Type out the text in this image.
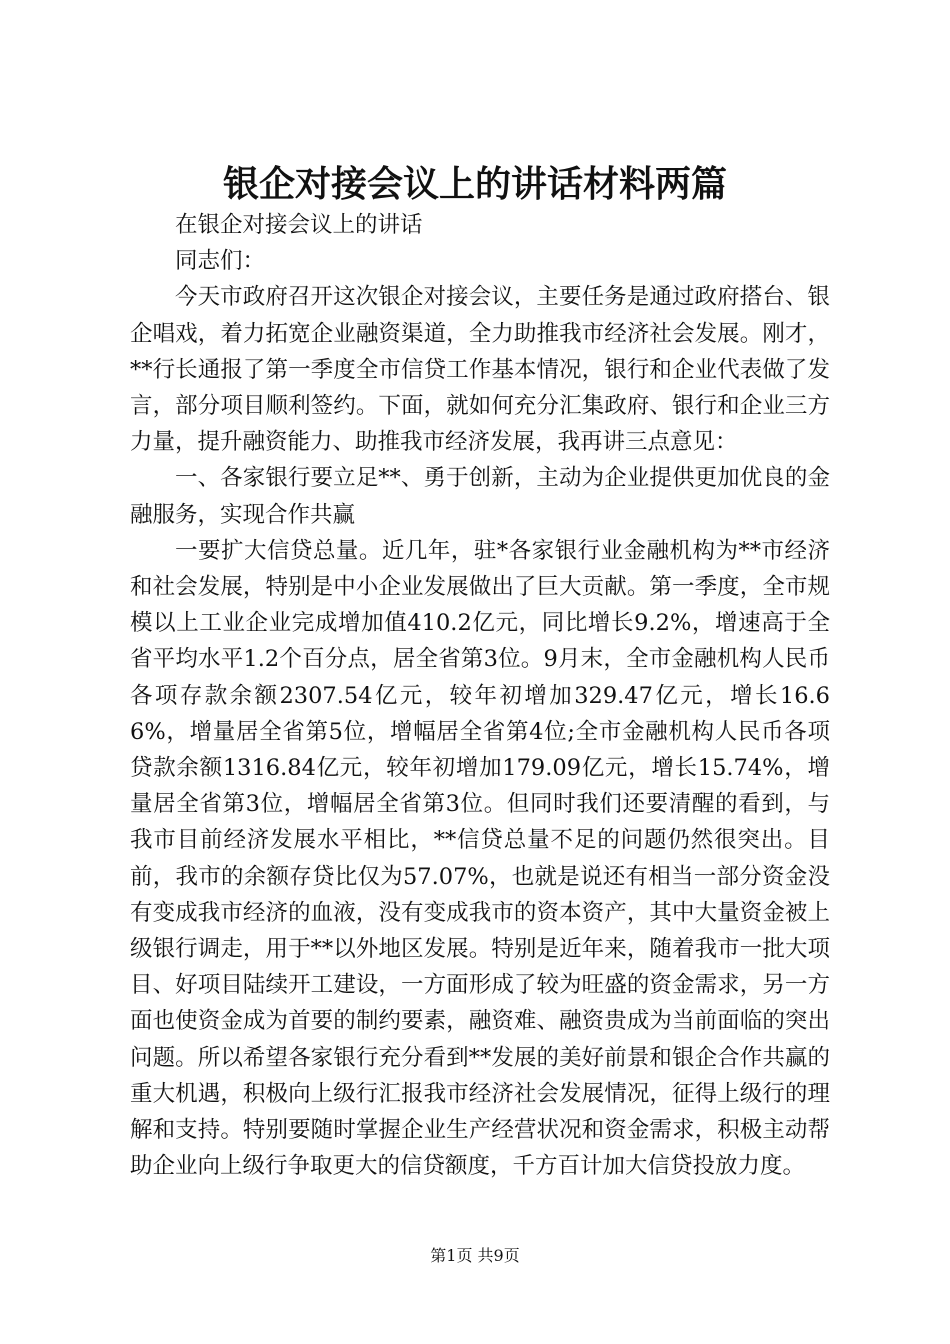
银企对接会议上的讲话材料两篇

在银企对接会议上的讲话

同志们：

今天市政府召开这次银企对接会议，主要任务是通过政府搭台、银企唱戏，着力拓宽企业融资渠道，全力助推我市经济社会发展。刚才，**行长通报了第一季度全市信贷工作基本情况，银行和企业代表做了发言，部分项目顺利签约。下面，就如何充分汇集政府、银行和企业三方力量，提升融资能力、助推我市经济发展，我再讲三点意见：

一、各家银行要立足**、勇于创新，主动为企业提供更加优良的金融服务，实现合作共赢

一要扩大信贷总量。近几年，驻*各家银行业金融机构为**市经济和社会发展，特别是中小企业发展做出了巨大贡献。第一季度，全市规模以上工业企业完成增加值410.2亿元，同比增长9.2%，增速高于全省平均水平1.2个百分点，居全省第3位。9月末，全市金融机构人民币各项存款余额2307.54亿元，较年初增加329.47亿元，增长16.66%，增量居全省第5位，增幅居全省第4位;全市金融机构人民币各项贷款余额1316.84亿元，较年初增加179.09亿元，增长15.74%，增量居全省第3位，增幅居全省第3位。但同时我们还要清醒的看到，与我市目前经济发展水平相比，**信贷总量不足的问题仍然很突出。目前，我市的余额存贷比仅为57.07%，也就是说还有相当一部分资金没有变成我市经济的血液，没有变成我市的资本资产，其中大量资金被上级银行调走，用于**以外地区发展。特别是近年来，随着我市一批大项目、好项目陆续开工建设，一方面形成了较为旺盛的资金需求，另一方面也使资金成为首要的制约要素，融资难、融资贵成为当前面临的突出问题。所以希望各家银行充分看到**发展的美好前景和银企合作共赢的重大机遇，积极向上级行汇报我市经济社会发展情况，征得上级行的理解和支持。特别要随时掌握企业生产经营状况和资金需求，积极主动帮助企业向上级行争取更大的信贷额度，千方百计加大信贷投放力度。

第1页 共9页
